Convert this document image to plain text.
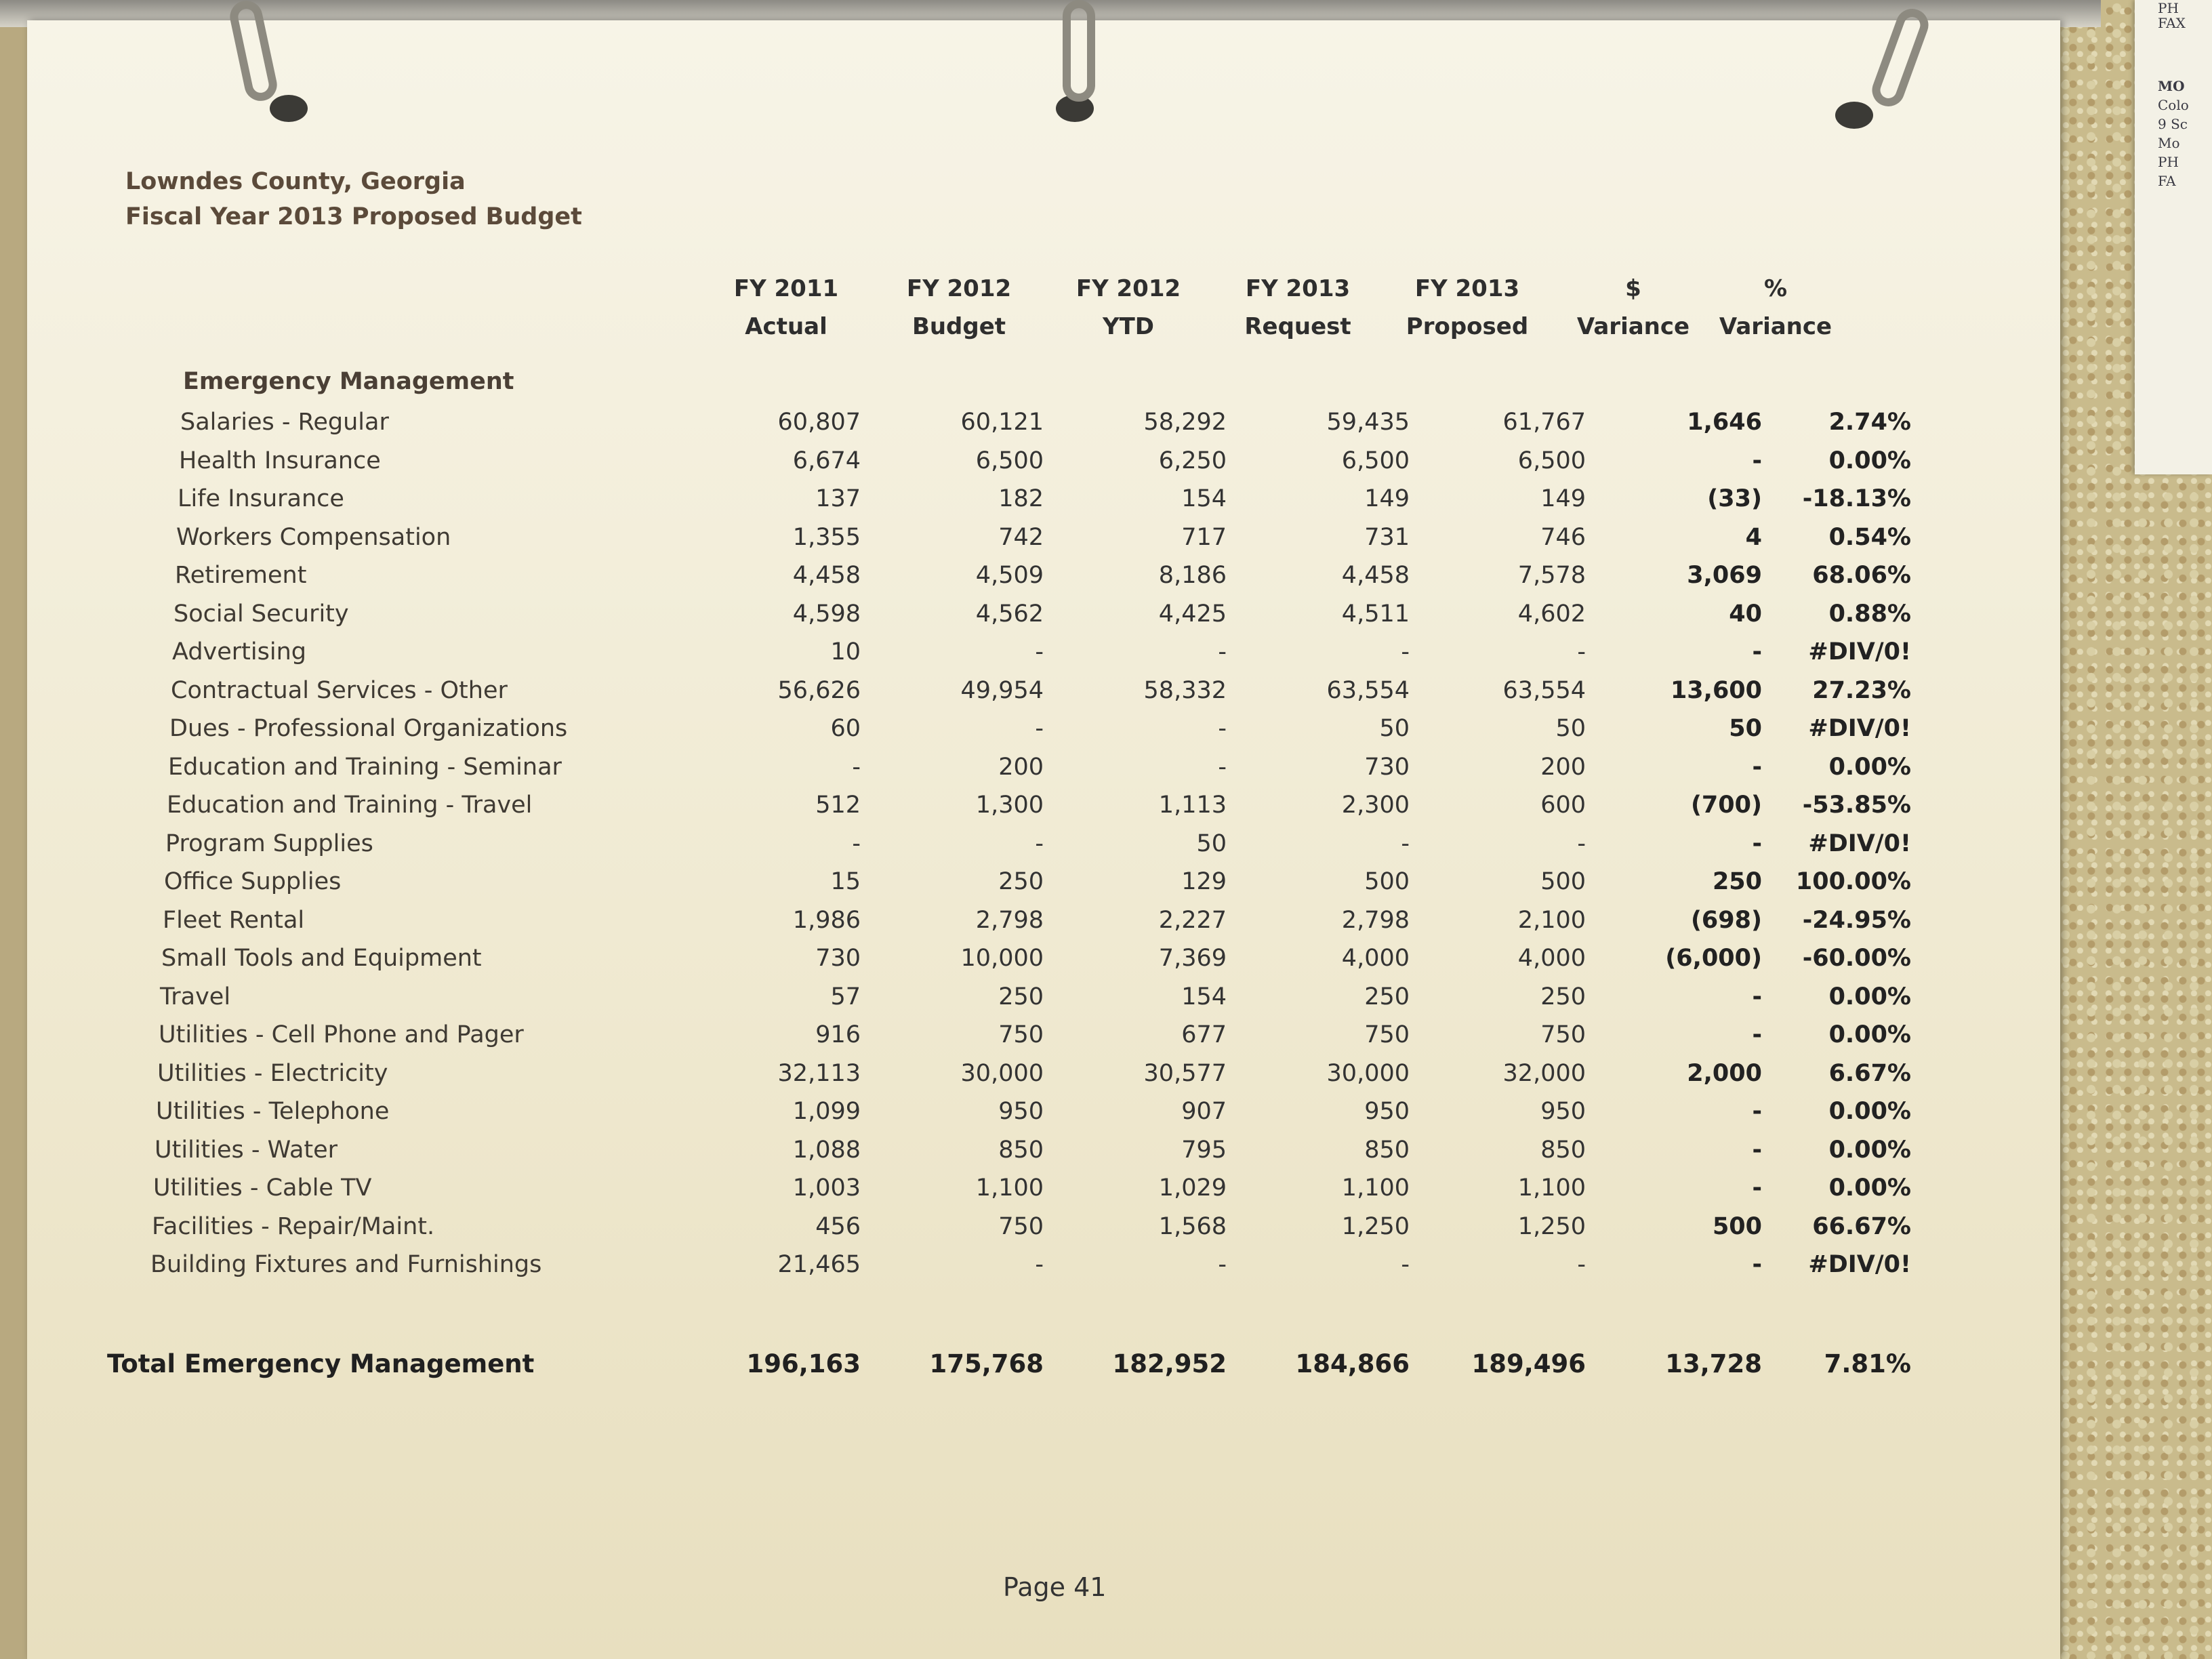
PH
FAX
MO
Colo
9 Sc
Mo
PH
FA
Lowndes County, Georgia
Fiscal Year 2013 Proposed Budget
FY 2011
Actual
FY 2012
Budget
FY 2012
YTD
FY 2013
Request
FY 2013
Proposed
$
Variance
%
Variance
Emergency Management
Salaries - Regular	60,807	60,121	58,292	59,435	61,767	1,646	2.74%
Health Insurance	6,674	6,500	6,250	6,500	6,500	-	0.00%
Life Insurance	137	182	154	149	149	(33)	-18.13%
Workers Compensation	1,355	742	717	731	746	4	0.54%
Retirement	4,458	4,509	8,186	4,458	7,578	3,069	68.06%
Social Security	4,598	4,562	4,425	4,511	4,602	40	0.88%
Advertising	10	-	-	-	-	-	#DIV/0!
Contractual Services - Other	56,626	49,954	58,332	63,554	63,554	13,600	27.23%
Dues - Professional Organizations	60	-	-	50	50	50	#DIV/0!
Education and Training - Seminar	-	200	-	730	200	-	0.00%
Education and Training - Travel	512	1,300	1,113	2,300	600	(700)	-53.85%
Program Supplies	-	-	50	-	-	-	#DIV/0!
Office Supplies	15	250	129	500	500	250	100.00%
Fleet Rental	1,986	2,798	2,227	2,798	2,100	(698)	-24.95%
Small Tools and Equipment	730	10,000	7,369	4,000	4,000	(6,000)	-60.00%
Travel	57	250	154	250	250	-	0.00%
Utilities - Cell Phone and Pager	916	750	677	750	750	-	0.00%
Utilities - Electricity	32,113	30,000	30,577	30,000	32,000	2,000	6.67%
Utilities - Telephone	1,099	950	907	950	950	-	0.00%
Utilities - Water	1,088	850	795	850	850	-	0.00%
Utilities - Cable TV	1,003	1,100	1,029	1,100	1,100	-	0.00%
Facilities - Repair/Maint.	456	750	1,568	1,250	1,250	500	66.67%
Building Fixtures and Furnishings	21,465	-	-	-	-	-	#DIV/0!
Total Emergency Management	196,163	175,768	182,952	184,866	189,496	13,728	7.81%
Page 41
